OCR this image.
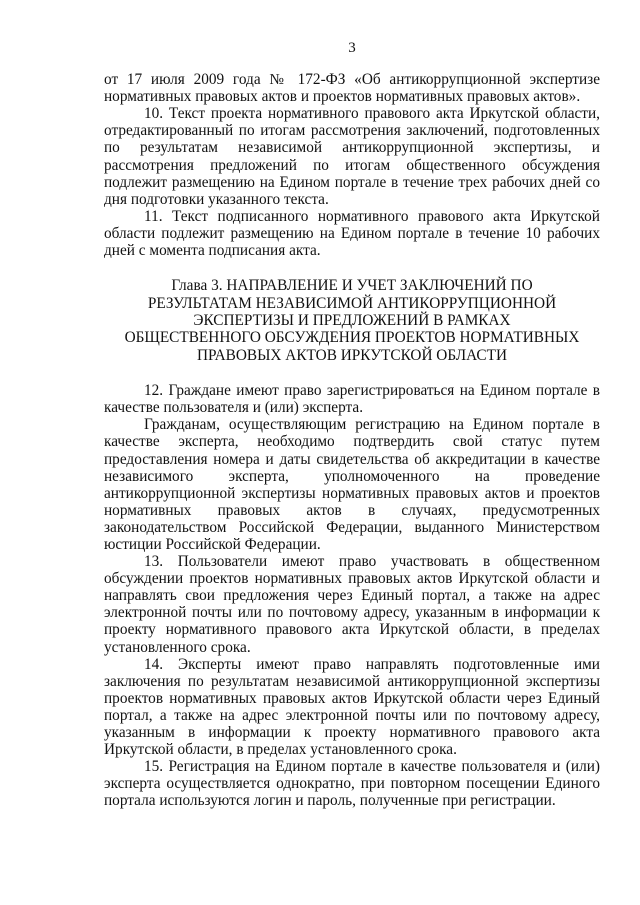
3

от 17 июля 2009 года № 172-ФЗ «Об антикоррупционной экспертизе нормативных правовых актов и проектов нормативных правовых актов».

10. Текст проекта нормативного правового акта Иркутской области, отредактированный по итогам рассмотрения заключений, подготовленных по результатам независимой антикоррупционной экспертизы, и рассмотрения предложений по итогам общественного обсуждения подлежит размещению на Едином портале в течение трех рабочих дней со дня подготовки указанного текста.

11. Текст подписанного нормативного правового акта Иркутской области подлежит размещению на Едином портале в течение 10 рабочих дней с момента подписания акта.

Глава 3. НАПРАВЛЕНИЕ И УЧЕТ ЗАКЛЮЧЕНИЙ ПО РЕЗУЛЬТАТАМ НЕЗАВИСИМОЙ АНТИКОРРУПЦИОННОЙ ЭКСПЕРТИЗЫ И ПРЕДЛОЖЕНИЙ В РАМКАХ ОБЩЕСТВЕННОГО ОБСУЖДЕНИЯ ПРОЕКТОВ НОРМАТИВНЫХ ПРАВОВЫХ АКТОВ ИРКУТСКОЙ ОБЛАСТИ

12. Граждане имеют право зарегистрироваться на Едином портале в качестве пользователя и (или) эксперта.

Гражданам, осуществляющим регистрацию на Едином портале в качестве эксперта, необходимо подтвердить свой статус путем предоставления номера и даты свидетельства об аккредитации в качестве независимого эксперта, уполномоченного на проведение антикоррупционной экспертизы нормативных правовых актов и проектов нормативных правовых актов в случаях, предусмотренных законодательством Российской Федерации, выданного Министерством юстиции Российской Федерации.

13. Пользователи имеют право участвовать в общественном обсуждении проектов нормативных правовых актов Иркутской области и направлять свои предложения через Единый портал, а также на адрес электронной почты или по почтовому адресу, указанным в информации к проекту нормативного правового акта Иркутской области, в пределах установленного срока.

14. Эксперты имеют право направлять подготовленные ими заключения по результатам независимой антикоррупционной экспертизы проектов нормативных правовых актов Иркутской области через Единый портал, а также на адрес электронной почты или по почтовому адресу, указанным в информации к проекту нормативного правового акта Иркутской области, в пределах установленного срока.

15. Регистрация на Едином портале в качестве пользователя и (или) эксперта осуществляется однократно, при повторном посещении Единого портала используются логин и пароль, полученные при регистрации.
